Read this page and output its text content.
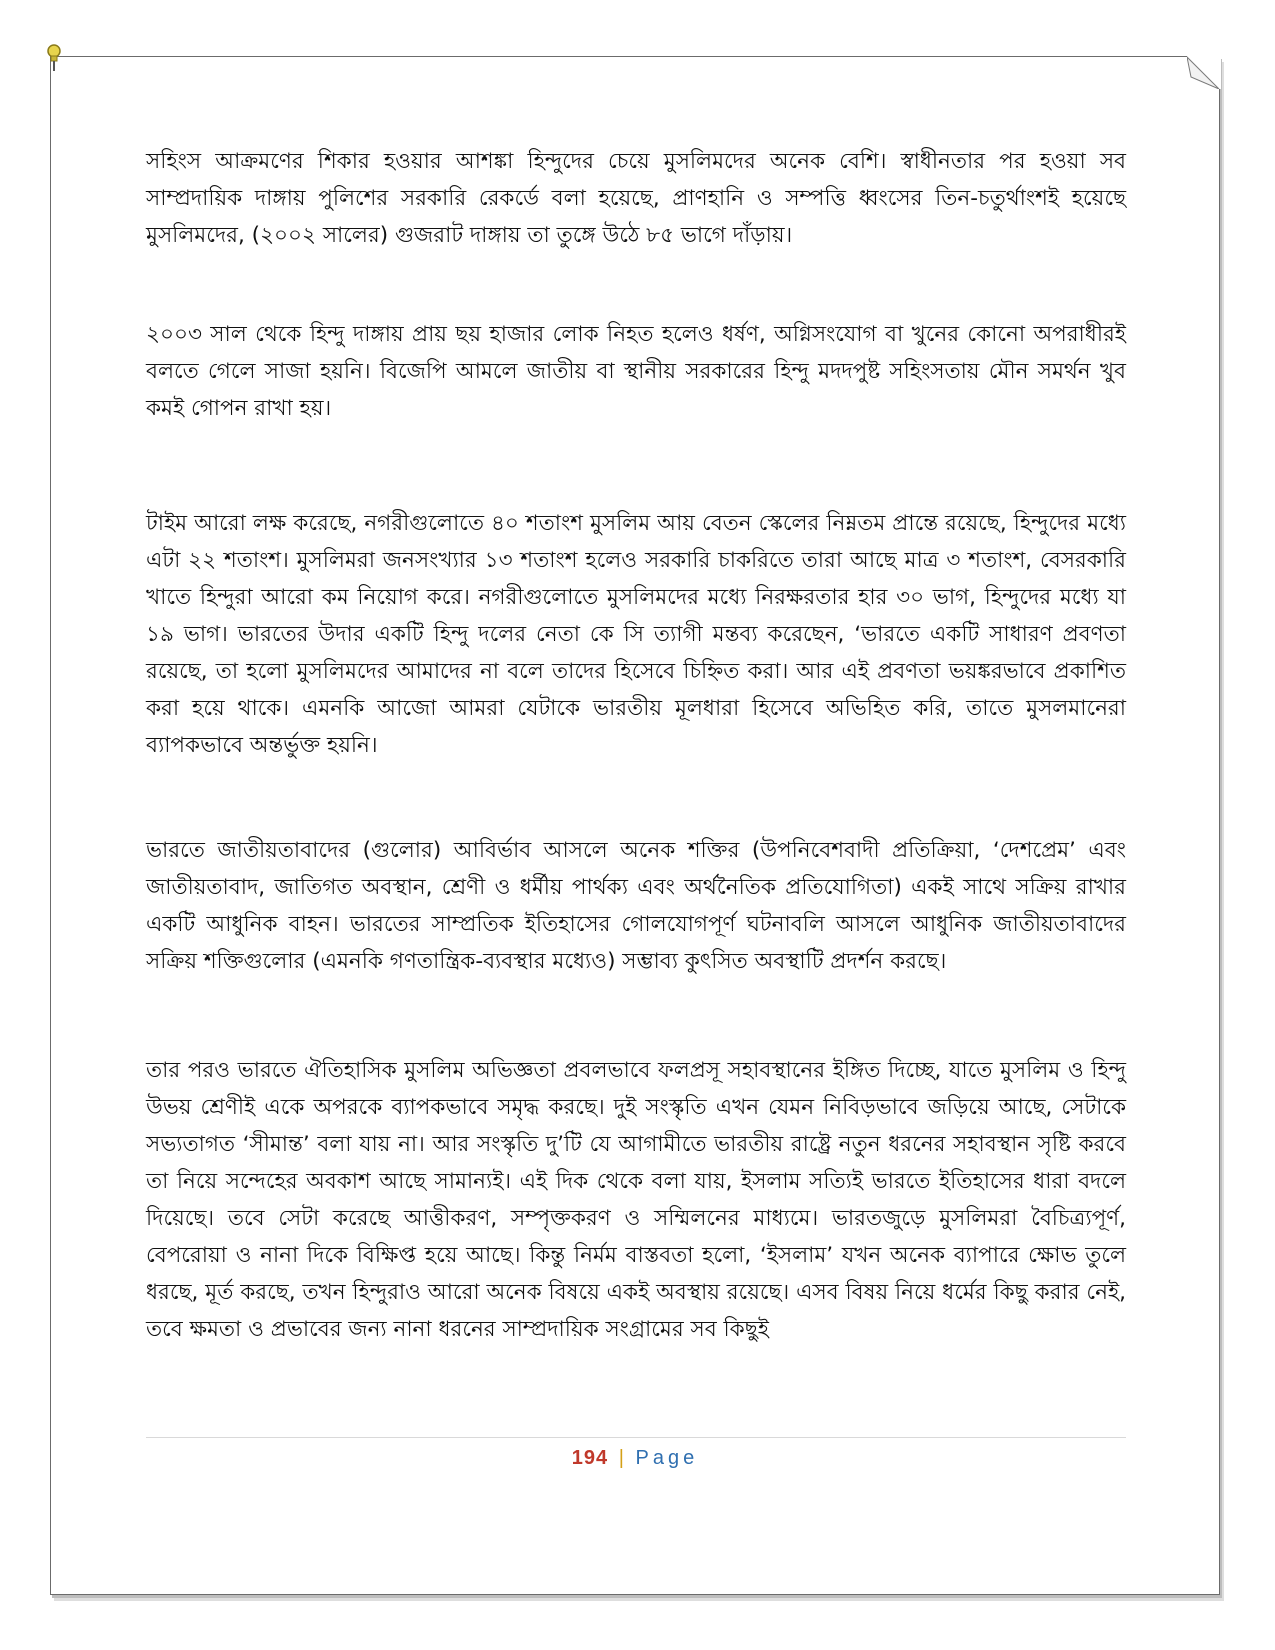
সহিংস আক্রমণের শিকার হওয়ার আশঙ্কা হিন্দুদের চেয়ে মুসলিমদের অনেক বেশি। স্বাধীনতার পর হওয়া সব সাম্প্রদায়িক দাঙ্গায় পুলিশের সরকারি রেকর্ডে বলা হয়েছে, প্রাণহানি ও সম্পত্তি ধ্বংসের তিন-চতুর্থাংশই হয়েছে মুসলিমদের, (২০০২ সালের) গুজরাট দাঙ্গায় তা তুঙ্গে উঠে ৮৫ ভাগে দাঁড়ায়।

২০০৩ সাল থেকে হিন্দু দাঙ্গায় প্রায় ছয় হাজার লোক নিহত হলেও ধর্ষণ, অগ্নিসংযোগ বা খুনের কোনো অপরাধীরই বলতে গেলে সাজা হয়নি। বিজেপি আমলে জাতীয় বা স্থানীয় সরকারের হিন্দু মদদপুষ্ট সহিংসতায় মৌন সমর্থন খুব কমই গোপন রাখা হয়।

টাইম আরো লক্ষ করেছে, নগরীগুলোতে ৪০ শতাংশ মুসলিম আয় বেতন স্কেলের নিম্নতম প্রান্তে রয়েছে, হিন্দুদের মধ্যে এটা ২২ শতাংশ। মুসলিমরা জনসংখ্যার ১৩ শতাংশ হলেও সরকারি চাকরিতে তারা আছে মাত্র ৩ শতাংশ, বেসরকারি খাতে হিন্দুরা আরো কম নিয়োগ করে। নগরীগুলোতে মুসলিমদের মধ্যে নিরক্ষরতার হার ৩০ ভাগ, হিন্দুদের মধ্যে যা ১৯ ভাগ। ভারতের উদার একটি হিন্দু দলের নেতা কে সি ত্যাগী মন্তব্য করেছেন, ‘ভারতে একটি সাধারণ প্রবণতা রয়েছে, তা হলো মুসলিমদের আমাদের না বলে তাদের হিসেবে চিহ্নিত করা। আর এই প্রবণতা ভয়ঙ্করভাবে প্রকাশিত করা হয়ে থাকে। এমনকি আজো আমরা যেটাকে ভারতীয় মূলধারা হিসেবে অভিহিত করি, তাতে মুসলমানেরা ব্যাপকভাবে অন্তর্ভুক্ত হয়নি।

ভারতে জাতীয়তাবাদের (গুলোর) আবির্ভাব আসলে অনেক শক্তির (উপনিবেশবাদী প্রতিক্রিয়া, ‘দেশপ্রেম’ এবং জাতীয়তাবাদ, জাতিগত অবস্থান, শ্রেণী ও ধর্মীয় পার্থক্য এবং অর্থনৈতিক প্রতিযোগিতা) একই সাথে সক্রিয় রাখার একটি আধুনিক বাহন। ভারতের সাম্প্রতিক ইতিহাসের গোলযোগপূর্ণ ঘটনাবলি আসলে আধুনিক জাতীয়তাবাদের সক্রিয় শক্তিগুলোর (এমনকি গণতান্ত্রিক-ব্যবস্থার মধ্যেও) সম্ভাব্য কুৎসিত অবস্থাটি প্রদর্শন করছে।

তার পরও ভারতে ঐতিহাসিক মুসলিম অভিজ্ঞতা প্রবলভাবে ফলপ্রসূ সহাবস্থানের ইঙ্গিত দিচ্ছে, যাতে মুসলিম ও হিন্দু উভয় শ্রেণীই একে অপরকে ব্যাপকভাবে সমৃদ্ধ করছে। দুই সংস্কৃতি এখন যেমন নিবিড়ভাবে জড়িয়ে আছে, সেটাকে সভ্যতাগত ‘সীমান্ত’ বলা যায় না। আর সংস্কৃতি দু’টি যে আগামীতে ভারতীয় রাষ্ট্রে নতুন ধরনের সহাবস্থান সৃষ্টি করবে তা নিয়ে সন্দেহের অবকাশ আছে সামান্যই। এই দিক থেকে বলা যায়, ইসলাম সত্যিই ভারতে ইতিহাসের ধারা বদলে দিয়েছে। তবে সেটা করেছে আত্তীকরণ, সম্পৃক্তকরণ ও সম্মিলনের মাধ্যমে। ভারতজুড়ে মুসলিমরা বৈচিত্র্যপূর্ণ, বেপরোয়া ও নানা দিকে বিক্ষিপ্ত হয়ে আছে। কিন্তু নির্মম বাস্তবতা হলো, ‘ইসলাম’ যখন অনেক ব্যাপারে ক্ষোভ তুলে ধরছে, মূর্ত করছে, তখন হিন্দুরাও আরো অনেক বিষয়ে একই অবস্থায় রয়েছে। এসব বিষয় নিয়ে ধর্মের কিছু করার নেই, তবে ক্ষমতা ও প্রভাবের জন্য নানা ধরনের সাম্প্রদায়িক সংগ্রামের সব কিছুই

194 | Page
